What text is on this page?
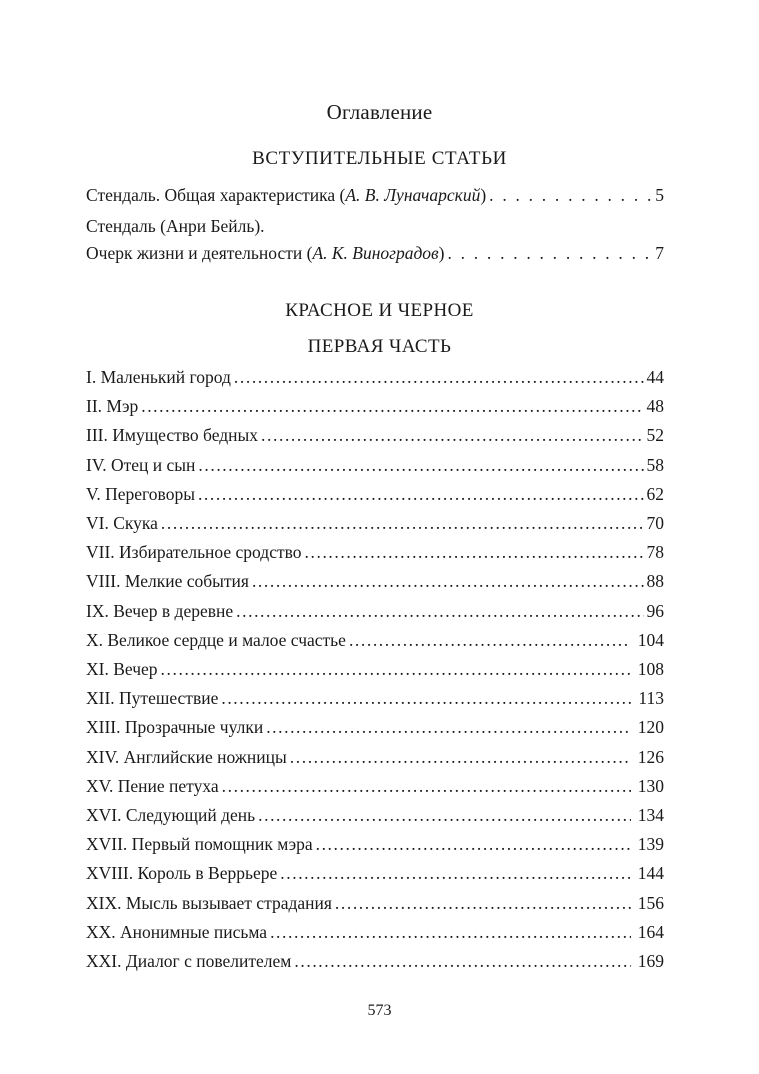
Оглавление
ВСТУПИТЕЛЬНЫЕ СТАТЬИ
Стендаль. Общая характеристика (А. В. Луначарский) . . .	5
Стендаль (Анри Бейль).
Очерк жизни и деятельности (А. К. Виноградов) . . .	7
КРАСНОЕ И ЧЕРНОЕ
ПЕРВАЯ ЧАСТЬ
I. Маленький город .....	44
II. Мэр .....	48
III. Имущество бедных .....	52
IV. Отец и сын .....	58
V. Переговоры .....	62
VI. Скука .....	70
VII. Избирательное сродство .....	78
VIII. Мелкие события .....	88
IX. Вечер в деревне .....	96
X. Великое сердце и малое счастье .....	104
XI. Вечер .....	108
XII. Путешествие .....	113
XIII. Прозрачные чулки .....	120
XIV. Английские ножницы .....	126
XV. Пение петуха .....	130
XVI. Следующий день .....	134
XVII. Первый помощник мэра .....	139
XVIII. Король в Веррьере .....	144
XIX. Мысль вызывает страдания .....	156
XX. Анонимные письма .....	164
XXI. Диалог с повелителем .....	169
573
